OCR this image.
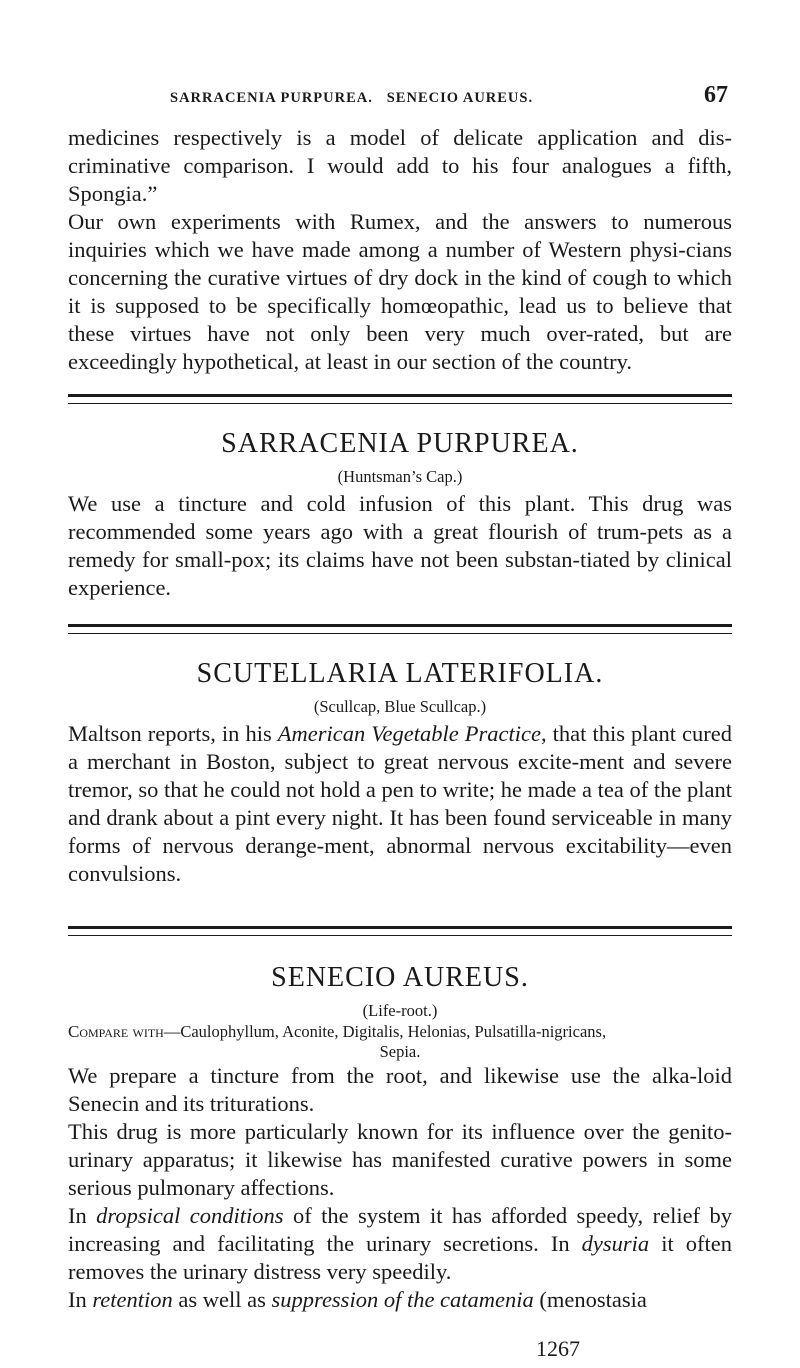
SARRACENIA PURPUREA.   SENECIO AUREUS.	67

medicines respectively is a model of delicate application and dis-criminative comparison. I would add to his four analogues a fifth, Spongia.”

Our own experiments with Rumex, and the answers to numerous inquiries which we have made among a number of Western physi-cians concerning the curative virtues of dry dock in the kind of cough to which it is supposed to be specifically homœopathic, lead us to believe that these virtues have not only been very much over-rated, but are exceedingly hypothetical, at least in our section of the country.

SARRACENIA PURPUREA.
(Huntsman’s Cap.)

We use a tincture and cold infusion of this plant. This drug was recommended some years ago with a great flourish of trum-pets as a remedy for small-pox; its claims have not been substan-tiated by clinical experience.

SCUTELLARIA LATERIFOLIA.
(Scullcap, Blue Scullcap.)

Maltson reports, in his American Vegetable Practice, that this plant cured a merchant in Boston, subject to great nervous excite-ment and severe tremor, so that he could not hold a pen to write; he made a tea of the plant and drank about a pint every night. It has been found serviceable in many forms of nervous derange-ment, abnormal nervous excitability—even convulsions.

SENECIO AUREUS.
(Life-root.)
Compare with—Caulophyllum, Aconite, Digitalis, Helonias, Pulsatilla-nigricans,
Sepia.

We prepare a tincture from the root, and likewise use the alka-loid Senecin and its triturations.

This drug is more particularly known for its influence over the genito-urinary apparatus; it likewise has manifested curative powers in some serious pulmonary affections.

In dropsical conditions of the system it has afforded speedy, relief by increasing and facilitating the urinary secretions. In dysuria it often removes the urinary distress very speedily.

In retention as well as suppression of the catamenia (menostasia

1267
